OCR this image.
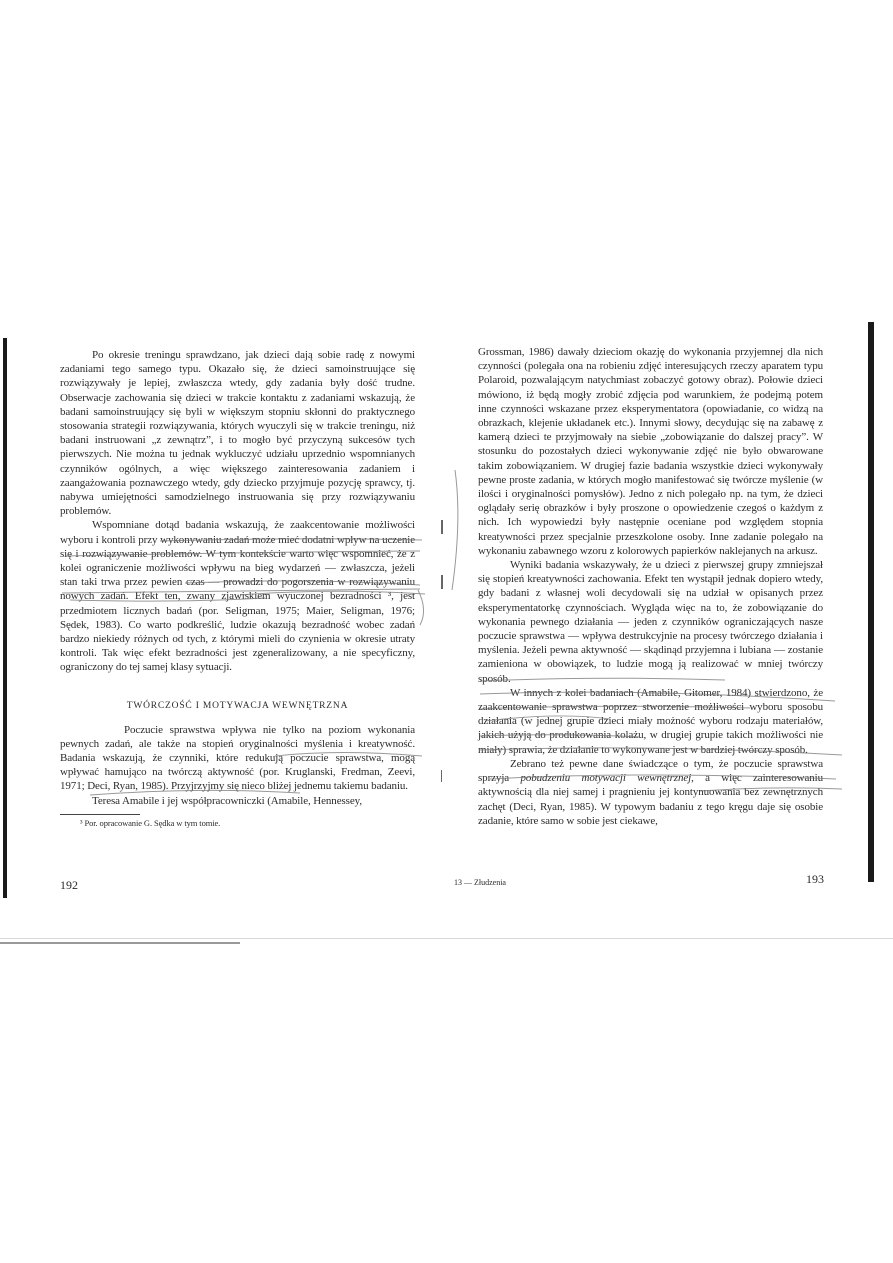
Po okresie treningu sprawdzano, jak dzieci dają sobie radę z nowymi zadaniami tego samego typu. Okazało się, że dzieci samoinstruujące się rozwiązywały je lepiej, zwłaszcza wtedy, gdy zadania były dość trudne. Obserwacje zachowania się dzieci w trakcie kontaktu z zadaniami wskazują, że badani samoinstruujący się byli w większym stopniu skłonni do praktycznego stosowania strategii rozwiązywania, których wyuczyli się w trakcie treningu, niż badani instruowani „z zewnątrz”, i to mogło być przyczyną sukcesów tych pierwszych. Nie można tu jednak wykluczyć udziału uprzednio wspomnianych czynników ogólnych, a więc większego zainteresowania zadaniem i zaangażowania poznawczego wtedy, gdy dziecko przyjmuje pozycję sprawcy, tj. nabywa umiejętności samodzielnego instruowania się przy rozwiązywaniu problemów.

Wspomniane dotąd badania wskazują, że zaakcentowanie możliwości wyboru i kontroli przy wykonywaniu zadań może mieć dodatni wpływ na uczenie się i rozwiązywanie problemów. W tym kontekście warto więc wspomnieć, że z kolei ograniczenie możliwości wpływu na bieg wydarzeń — zwłaszcza, jeżeli stan taki trwa przez pewien czas — prowadzi do pogorszenia w rozwiązywaniu nowych zadań. Efekt ten, zwany zjawiskiem wyuczonej bezradności ³, jest przedmiotem licznych badań (por. Seligman, 1975; Maier, Seligman, 1976; Sędek, 1983). Co warto podkreślić, ludzie okazują bezradność wobec zadań bardzo niekiedy różnych od tych, z którymi mieli do czynienia w okresie utraty kontroli. Tak więc efekt bezradności jest zgeneralizowany, a nie specyficzny, ograniczony do tej samej klasy sytuacji.

TWÓRCZOŚĆ I MOTYWACJA WEWNĘTRZNA

Poczucie sprawstwa wpływa nie tylko na poziom wykonania pewnych zadań, ale także na stopień oryginalności myślenia i kreatywność. Badania wskazują, że czynniki, które redukują poczucie sprawstwa, mogą wpływać hamująco na twórczą aktywność (por. Kruglanski, Fredman, Zeevi, 1971; Deci, Ryan, 1985). Przyjrzyjmy się nieco bliżej jednemu takiemu badaniu.

Teresa Amabile i jej współpracowniczki (Amabile, Hennessey,

³ Por. opracowanie G. Sędka w tym tomie.

192

Grossman, 1986) dawały dzieciom okazję do wykonania przyjemnej dla nich czynności (polegała ona na robieniu zdjęć interesujących rzeczy aparatem typu Polaroid, pozwalającym natychmiast zobaczyć gotowy obraz). Połowie dzieci mówiono, iż będą mogły zrobić zdjęcia pod warunkiem, że podejmą potem inne czynności wskazane przez eksperymentatora (opowiadanie, co widzą na obrazkach, klejenie układanek etc.). Innymi słowy, decydując się na zabawę z kamerą dzieci te przyjmowały na siebie „zobowiązanie do dalszej pracy”. W stosunku do pozostałych dzieci wykonywanie zdjęć nie było obwarowane takim zobowiązaniem. W drugiej fazie badania wszystkie dzieci wykonywały pewne proste zadania, w których mogło manifestować się twórcze myślenie (w ilości i oryginalności pomysłów). Jedno z nich polegało np. na tym, że dzieci oglądały serię obrazków i były proszone o opowiedzenie czegoś o każdym z nich. Ich wypowiedzi były następnie oceniane pod względem stopnia kreatywności przez specjalnie przeszkolone osoby. Inne zadanie polegało na wykonaniu zabawnego wzoru z kolorowych papierków naklejanych na arkusz.

Wyniki badania wskazywały, że u dzieci z pierwszej grupy zmniejszał się stopień kreatywności zachowania. Efekt ten wystąpił jednak dopiero wtedy, gdy badani z własnej woli decydowali się na udział w opisanych przez eksperymentatorkę czynnościach. Wygląda więc na to, że zobowiązanie do wykonania pewnego działania — jeden z czynników ograniczających nasze poczucie sprawstwa — wpływa destrukcyjnie na procesy twórczego działania i myślenia. Jeżeli pewna aktywność — skądinąd przyjemna i lubiana — zostanie zamieniona w obowiązek, to ludzie mogą ją realizować w mniej twórczy sposób.

W innych z kolei badaniach (Amabile, Gitomer, 1984) stwierdzono, że zaakcentowanie sprawstwa poprzez stworzenie możliwości wyboru sposobu działania (w jednej grupie dzieci miały możność wyboru rodzaju materiałów, jakich użyją do produkowania kolażu, w drugiej grupie takich możliwości nie miały) sprawia, że działanie to wykonywane jest w bardziej twórczy sposób.

Zebrano też pewne dane świadczące o tym, że poczucie sprawstwa sprzyja pobudzeniu motywacji wewnętrznej, a więc zainteresowaniu aktywnością dla niej samej i pragnieniu jej kontynuowania bez zewnętrznych zachęt (Deci, Ryan, 1985). W typowym badaniu z tego kręgu daje się osobie zadanie, które samo w sobie jest ciekawe,

13 — Złudzenia	193
